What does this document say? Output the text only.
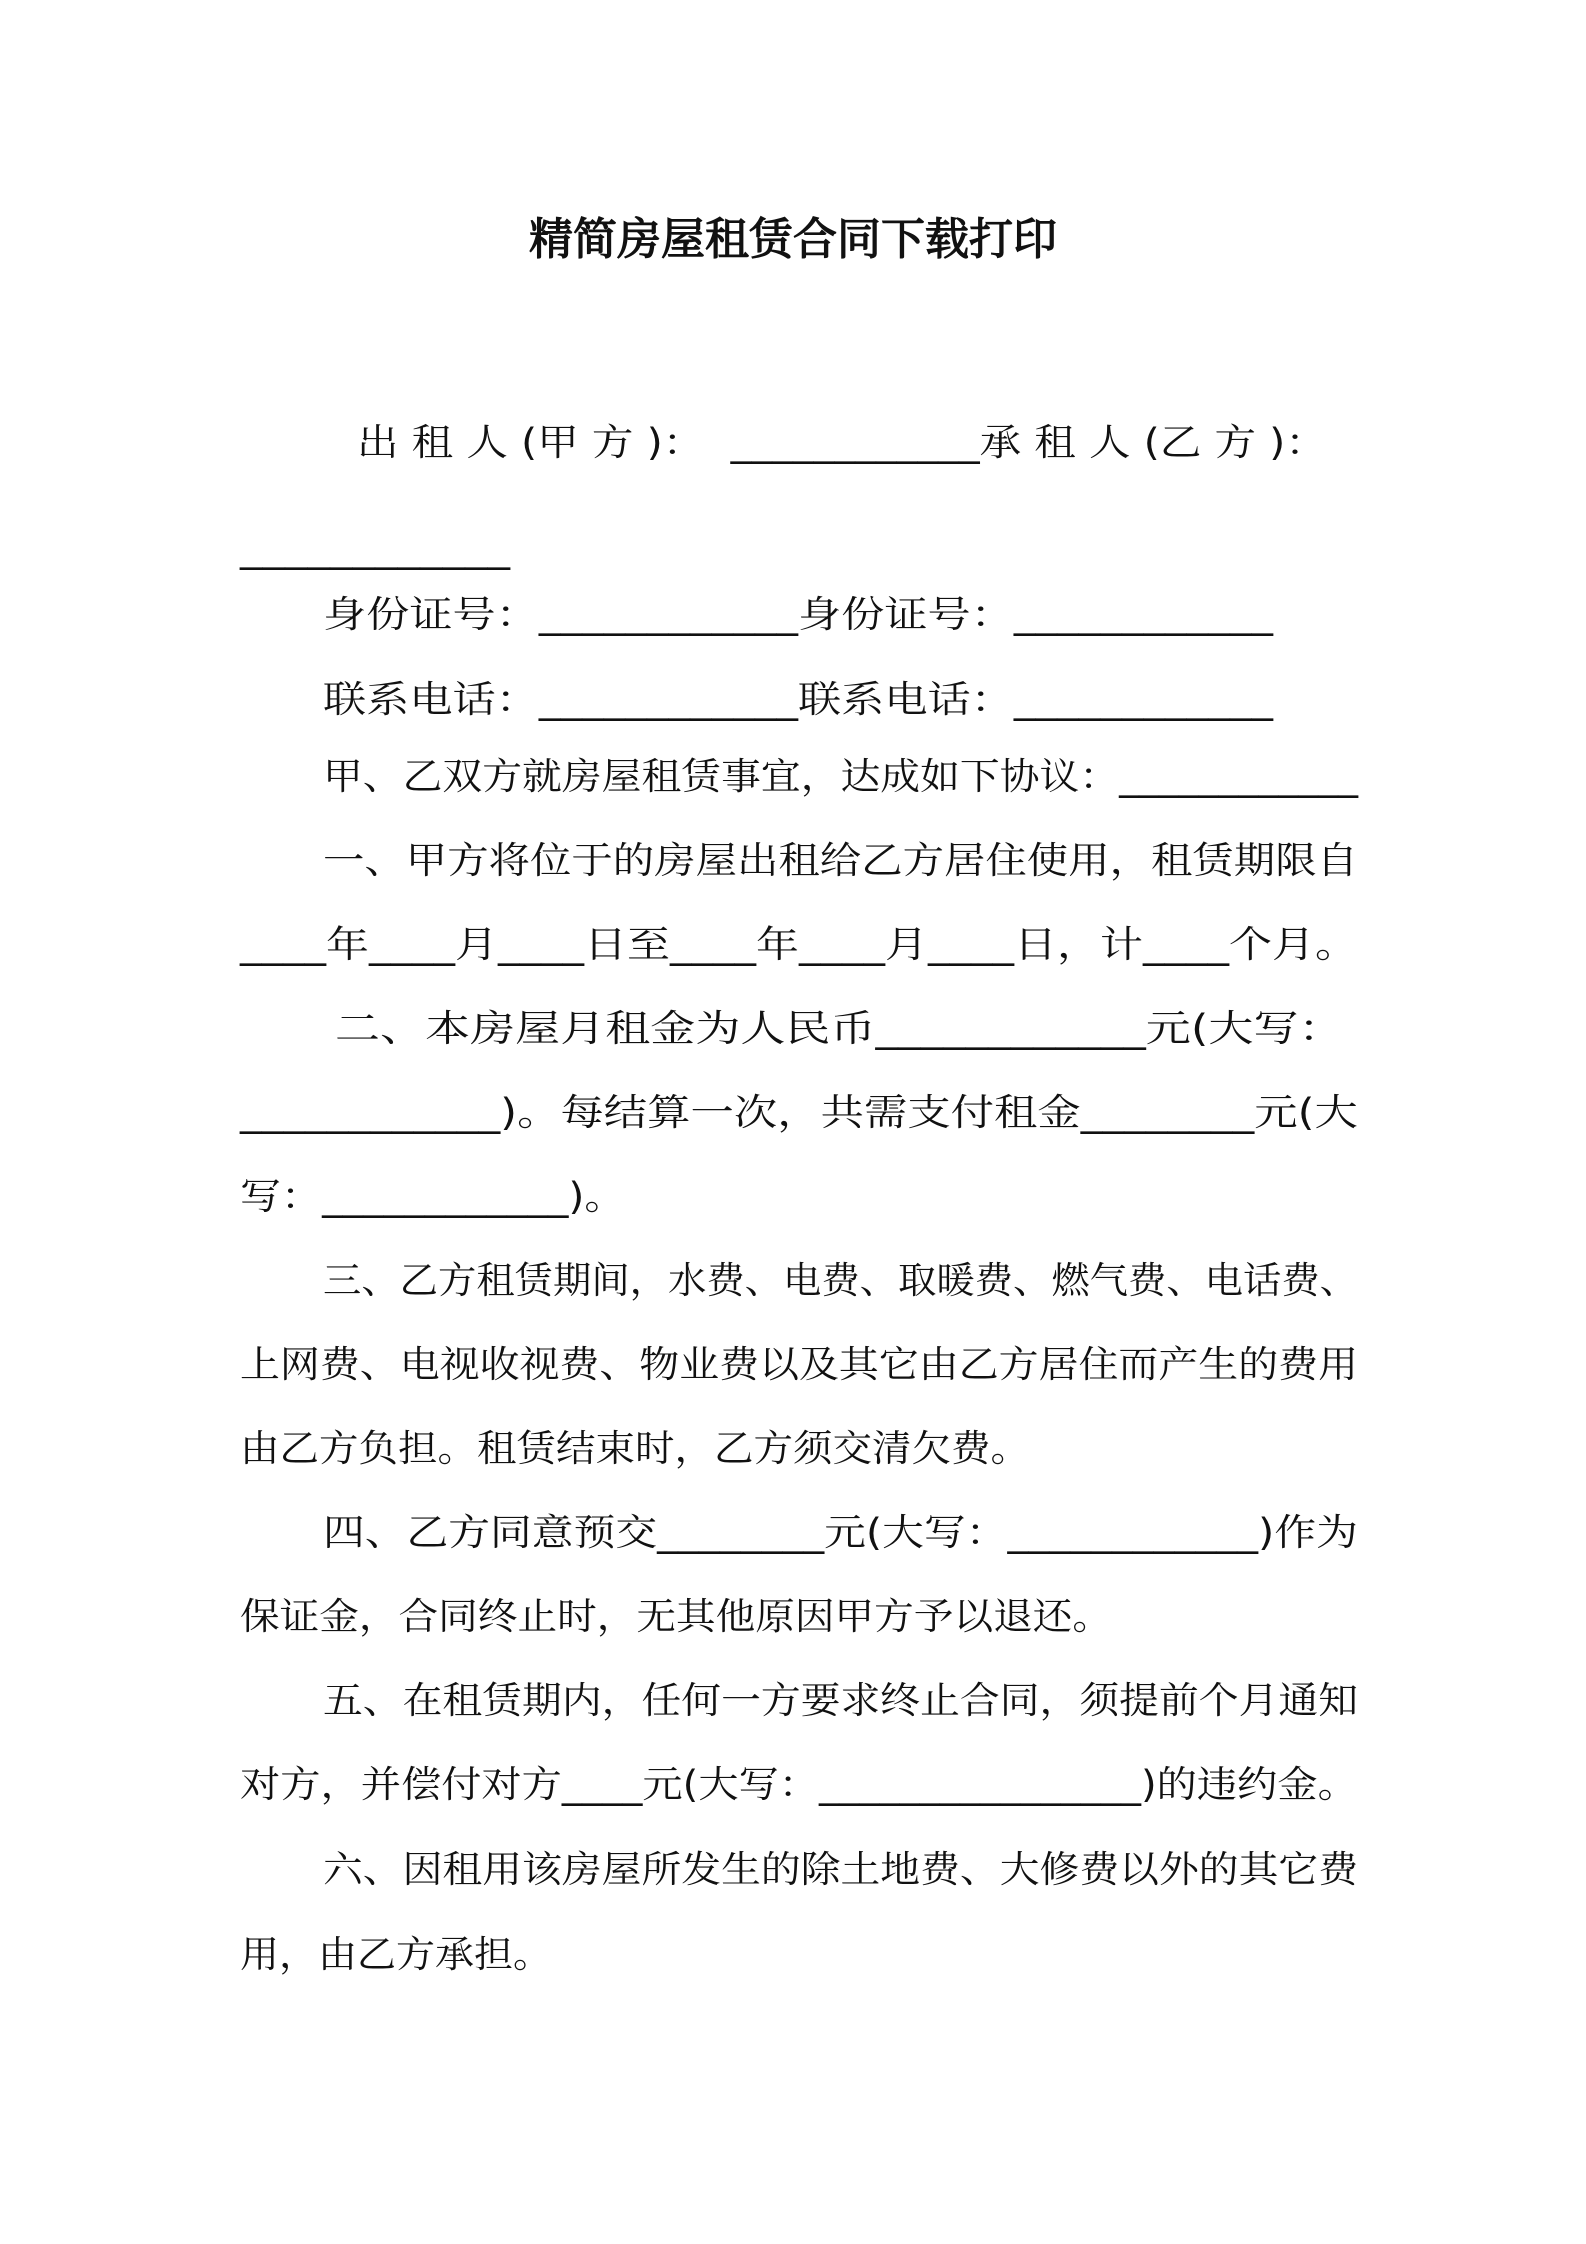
精简房屋租赁合同下载打印
出 租 人 (甲 方 )：  ____________承 租 人 (乙 方 )：
____________
身份证号：____________身份证号：____________
联系电话：____________联系电话：____________
甲、乙双方就房屋租赁事宜，达成如下协议：____________
一、甲方将位于的房屋出租给乙方居住使用，租赁期限自
____年____月____日至____年____月____日，计____个月。
二、本房屋月租金为人民币____________元(大写：
____________)。每结算一次，共需支付租金________元(大
写：____________)。
三、乙方租赁期间，水费、电费、取暖费、燃气费、电话费、
上网费、电视收视费、物业费以及其它由乙方居住而产生的费用
由乙方负担。租赁结束时，乙方须交清欠费。
四、乙方同意预交________元(大写：____________)作为
保证金，合同终止时，无其他原因甲方予以退还。
五、在租赁期内，任何一方要求终止合同，须提前个月通知
对方，并偿付对方____元(大写：________________)的违约金。
六、因租用该房屋所发生的除土地费、大修费以外的其它费
用，由乙方承担。
